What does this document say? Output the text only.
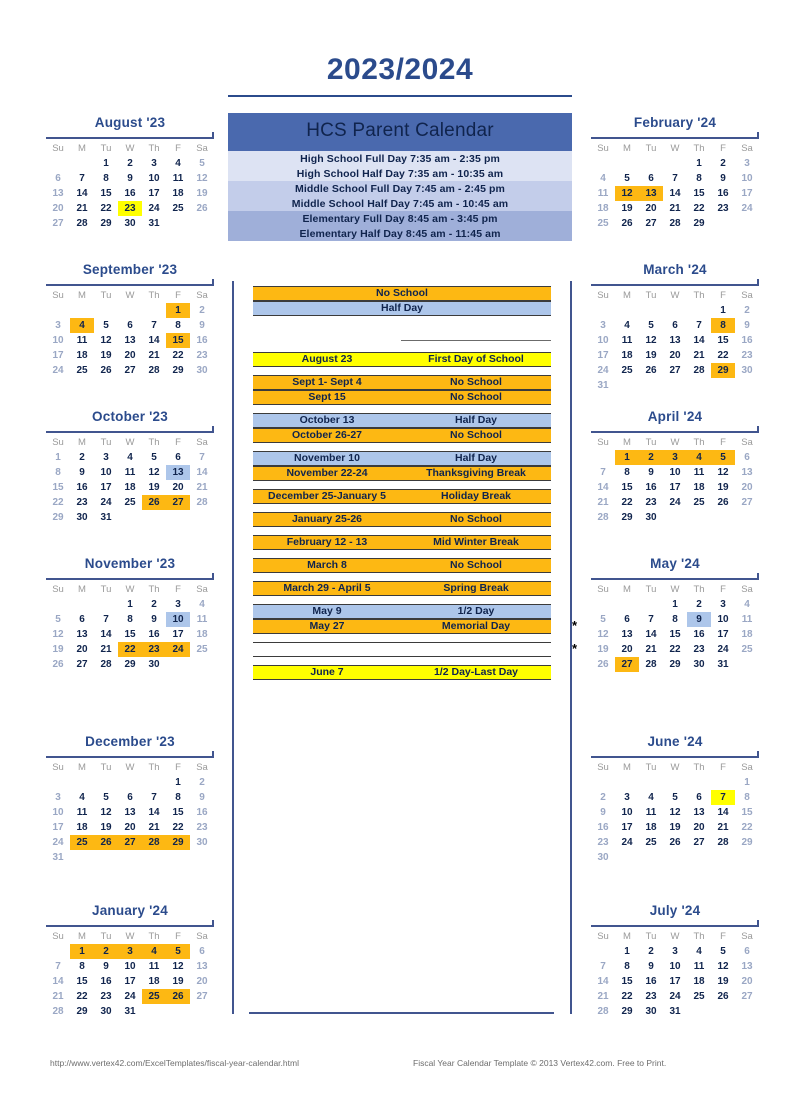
2023/2024
HCS Parent Calendar
High School Full Day 7:35 am - 2:35 pm
High School Half Day 7:35 am - 10:35 am
Middle School Full Day 7:45 am - 2:45 pm
Middle School Half Day 7:45 am - 10:45 am
Elementary Full Day 8:45 am - 3:45 pm
Elementary Half Day 8:45 am - 11:45 am
No School
Half Day
August 23	First Day of School
Sept 1- Sept 4	No School
Sept 15	No School
October 13	Half Day
October 26-27	No School
November 10	Half Day
November 22-24	Thanksgiving Break
December 25-January 5	Holiday Break
January 25-26	No School
February 12 - 13	Mid Winter Break
March 8	No School
March 29 - April 5	Spring Break
May 9	1/2 Day
May 27	Memorial Day	*
*
June 7	1/2 Day-Last Day
August '23
Su	M	Tu	W	Th	F	Sa
		1	2	3	4	5
6	7	8	9	10	11	12
13	14	15	16	17	18	19
20	21	22	23	24	25	26
27	28	29	30	31		
September '23
Su	M	Tu	W	Th	F	Sa
					1	2
3	4	5	6	7	8	9
10	11	12	13	14	15	16
17	18	19	20	21	22	23
24	25	26	27	28	29	30
October '23
Su	M	Tu	W	Th	F	Sa
1	2	3	4	5	6	7
8	9	10	11	12	13	14
15	16	17	18	19	20	21
22	23	24	25	26	27	28
29	30	31				
November '23
Su	M	Tu	W	Th	F	Sa
			1	2	3	4
5	6	7	8	9	10	11
12	13	14	15	16	17	18
19	20	21	22	23	24	25
26	27	28	29	30		
December '23
Su	M	Tu	W	Th	F	Sa
					1	2
3	4	5	6	7	8	9
10	11	12	13	14	15	16
17	18	19	20	21	22	23
24	25	26	27	28	29	30
31						
January '24
Su	M	Tu	W	Th	F	Sa
	1	2	3	4	5	6
7	8	9	10	11	12	13
14	15	16	17	18	19	20
21	22	23	24	25	26	27
28	29	30	31			
February '24
Su	M	Tu	W	Th	F	Sa
				1	2	3
4	5	6	7	8	9	10
11	12	13	14	15	16	17
18	19	20	21	22	23	24
25	26	27	28	29		
March '24
Su	M	Tu	W	Th	F	Sa
					1	2
3	4	5	6	7	8	9
10	11	12	13	14	15	16
17	18	19	20	21	22	23
24	25	26	27	28	29	30
31						
April '24
Su	M	Tu	W	Th	F	Sa
	1	2	3	4	5	6
7	8	9	10	11	12	13
14	15	16	17	18	19	20
21	22	23	24	25	26	27
28	29	30				
May '24
Su	M	Tu	W	Th	F	Sa
			1	2	3	4
5	6	7	8	9	10	11
12	13	14	15	16	17	18
19	20	21	22	23	24	25
26	27	28	29	30	31	
June '24
Su	M	Tu	W	Th	F	Sa
						1
2	3	4	5	6	7	8
9	10	11	12	13	14	15
16	17	18	19	20	21	22
23	24	25	26	27	28	29
30						
July '24
Su	M	Tu	W	Th	F	Sa
	1	2	3	4	5	6
7	8	9	10	11	12	13
14	15	16	17	18	19	20
21	22	23	24	25	26	27
28	29	30	31			
http://www.vertex42.com/ExcelTemplates/fiscal-year-calendar.html	Fiscal Year Calendar Template © 2013 Vertex42.com. Free to Print.
